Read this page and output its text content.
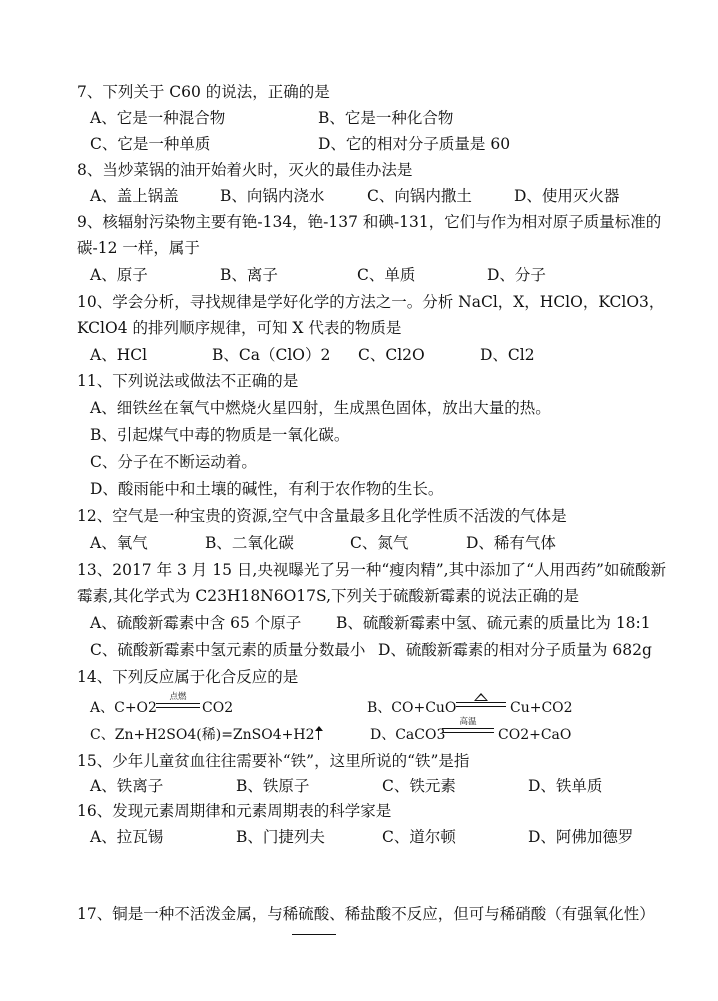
7、下列关于 C60 的说法，正确的是
A、它是一种混合物	B、它是一种化合物
C、它是一种单质	D、它的相对分子质量是 60
8、当炒菜锅的油开始着火时，灭火的最佳办法是
A、盖上锅盖	B、向锅内浇水	C、向锅内撒土	D、使用灭火器
9、核辐射污染物主要有铯-134，铯-137 和碘-131，它们与作为相对原子质量标准的
碳-12 一样，属于
A、原子	B、离子	C、单质	D、分子
10、学会分析，寻找规律是学好化学的方法之一。分析 NaCl，X，HClO，KClO3，
KClO4 的排列顺序规律，可知 X 代表的物质是
A、HCl	B、Ca（ClO）2 C、Cl2O	D、Cl2
11、下列说法或做法不正确的是
A、细铁丝在氧气中燃烧火星四射，生成黑色固体，放出大量的热。
B、引起煤气中毒的物质是一氧化碳。
C、分子在不断运动着。
D、酸雨能中和土壤的碱性，有利于农作物的生长。
12、空气是一种宝贵的资源,空气中含量最多且化学性质不活泼的气体是
A、氧气	B、二氧化碳	C、氮气	D、稀有气体
13、2017 年 3 月 15 日,央视曝光了另一种“瘦肉精”,其中添加了“人用西药”如硫酸新
霉素,其化学式为 C23H18N6O17S,下列关于硫酸新霉素的说法正确的是
A、硫酸新霉素中含 65 个原子 B、硫酸新霉素中氢、硫元素的质量比为 18:1
C、硫酸新霉素中氢元素的质量分数最小 D、硫酸新霉素的相对分子质量为 682g
14、下列反应属于化合反应的是
A、C+O2
点燃
CO2	B、CO+CuO	Cu+CO2
C、Zn+H2SO4(稀)=ZnSO4+H2	D、CaCO3
高温
CO2+CaO
15、少年儿童贫血往往需要补“铁”，这里所说的“铁”是指
A、铁离子	B、铁原子	C、铁元素	D、铁单质
16、发现元素周期律和元素周期表的科学家是
A、拉瓦锡	B、门捷列夫	C、道尔顿	D、阿佛加德罗
17、铜是一种不活泼金属，与稀硫酸、稀盐酸不反应，但可与稀硝酸（有强氧化性）
